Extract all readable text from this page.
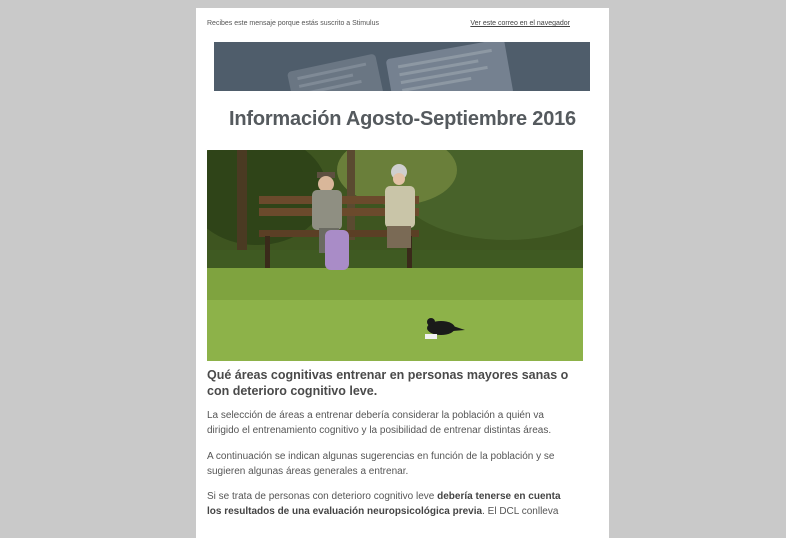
Recibes este mensaje porque estás suscrito a Stimulus	Ver este correo en el navegador
Información Agosto-Septiembre 2016
Qué áreas cognitivas entrenar en personas mayores sanas o con deterioro cognitivo leve.
La selección de áreas a entrenar debería considerar la población a quién va dirigido el entrenamiento cognitivo y la posibilidad de entrenar distintas áreas.
A continuación se indican algunas sugerencias en función de la población y se sugieren algunas áreas generales a entrenar.
Si se trata de personas con deterioro cognitivo leve debería tenerse en cuenta los resultados de una evaluación neuropsicológica previa. El DCL conlleva
